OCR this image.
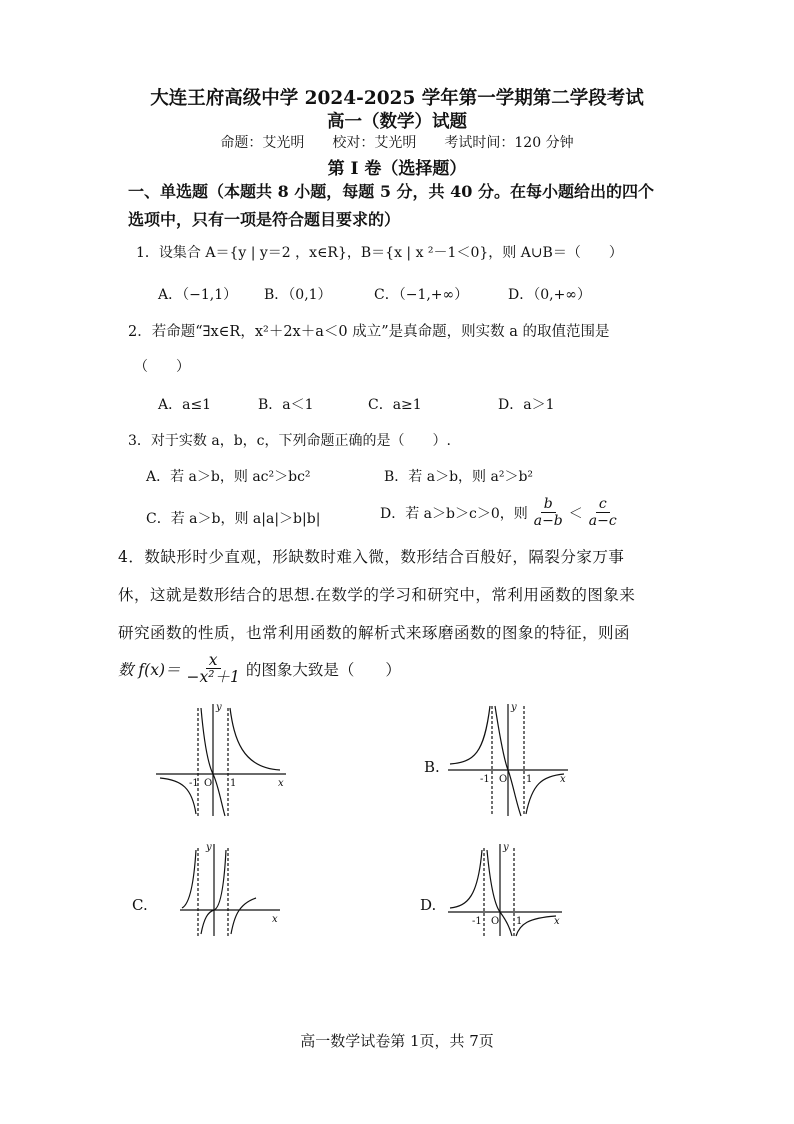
大连王府高级中学 2024-2025 学年第一学期第二学段考试
高一（数学）试题
命题：艾光明　　校对：艾光明　　考试时间：120 分钟
第 I 卷（选择题）
一、单选题（本题共 8 小题，每题 5 分，共 40 分。在每小题给出的四个选项中，只有一项是符合题目要求的）
1．设集合 A＝{y | y＝2 ，x∈R}，B＝{x | x ²－1＜0}，则 A∪B＝（　　）
A．（−1,1） B．（0,1）	C．（−1,+∞）	D．（0,+∞）
2．若命题“∃x∈R，x²＋2x＋a＜0 成立”是真命题，则实数 a 的取值范围是
（　　）
A．a≤1	B．a＜1	C．a≥1	D．a＞1
3．对于实数 a，b，c，下列命题正确的是（　　）.
A．若 a＞b，则 ac²＞bc²	B．若 a＞b，则 a²＞b²
C．若 a＞b，则 a|a|＞b|b|	D．若 a＞b＞c＞0，则 $\frac{b}{a-b} < \frac{c}{a-c}$
4．数缺形时少直观，形缺数时难入微，数形结合百般好，隔裂分家万事
休，这就是数形结合的思想.在数学的学习和研究中，常利用函数的图象来
研究函数的性质，也常利用函数的解析式来琢磨函数的图象的特征，则函
数 $f(x)= \frac{x}{\text{−x²＋1}}$ 的图象大致是（　　）
x
y
-1 O 1
B.
x
y
-1 O 1
C.
x
y
D.
x
y
-1 O 1
高一数学试卷第 1页，共 7页
